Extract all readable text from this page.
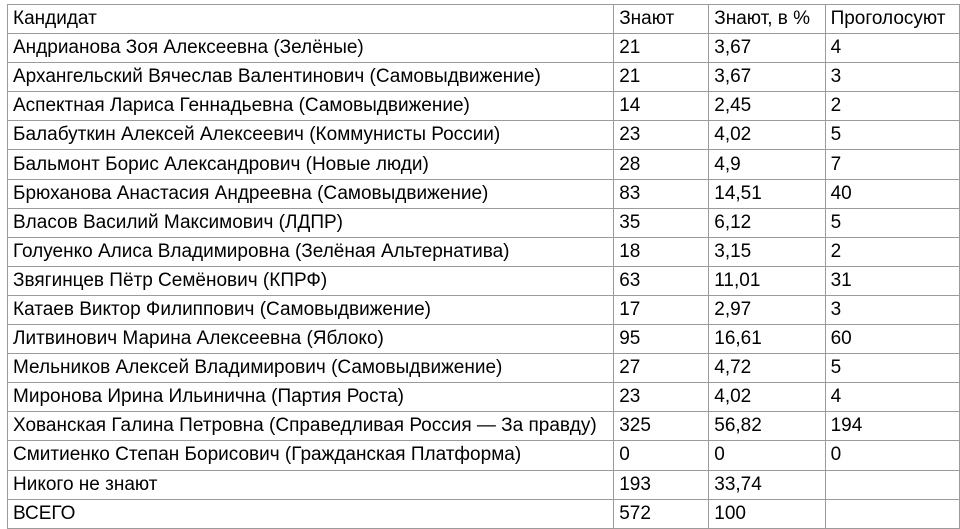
Кандидат	Знают	Знают, в %	Проголосуют
Андрианова Зоя Алексеевна (Зелёные)	21	3,67	4
Архангельский Вячеслав Валентинович (Самовыдвижение)	21	3,67	3
Аспектная Лариса Геннадьевна (Самовыдвижение)	14	2,45	2
Балабуткин Алексей Алексеевич (Коммунисты России)	23	4,02	5
Бальмонт Борис Александрович (Новые люди)	28	4,9	7
Брюханова Анастасия Андреевна (Самовыдвижение)	83	14,51	40
Власов Василий Максимович (ЛДПР)	35	6,12	5
Голуенко Алиса Владимировна (Зелёная Альтернатива)	18	3,15	2
Звягинцев Пётр Семёнович (КПРФ)	63	11,01	31
Катаев Виктор Филиппович (Самовыдвижение)	17	2,97	3
Литвинович Марина Алексеевна (Яблоко)	95	16,61	60
Мельников Алексей Владимирович (Самовыдвижение)	27	4,72	5
Миронова Ирина Ильинична (Партия Роста)	23	4,02	4
Хованская Галина Петровна (Справедливая Россия — За правду)	325	56,82	194
Смитиенко Степан Борисович (Гражданская Платформа)	0	0	0
Никого не знают	193	33,74	
ВСЕГО	572	100	
